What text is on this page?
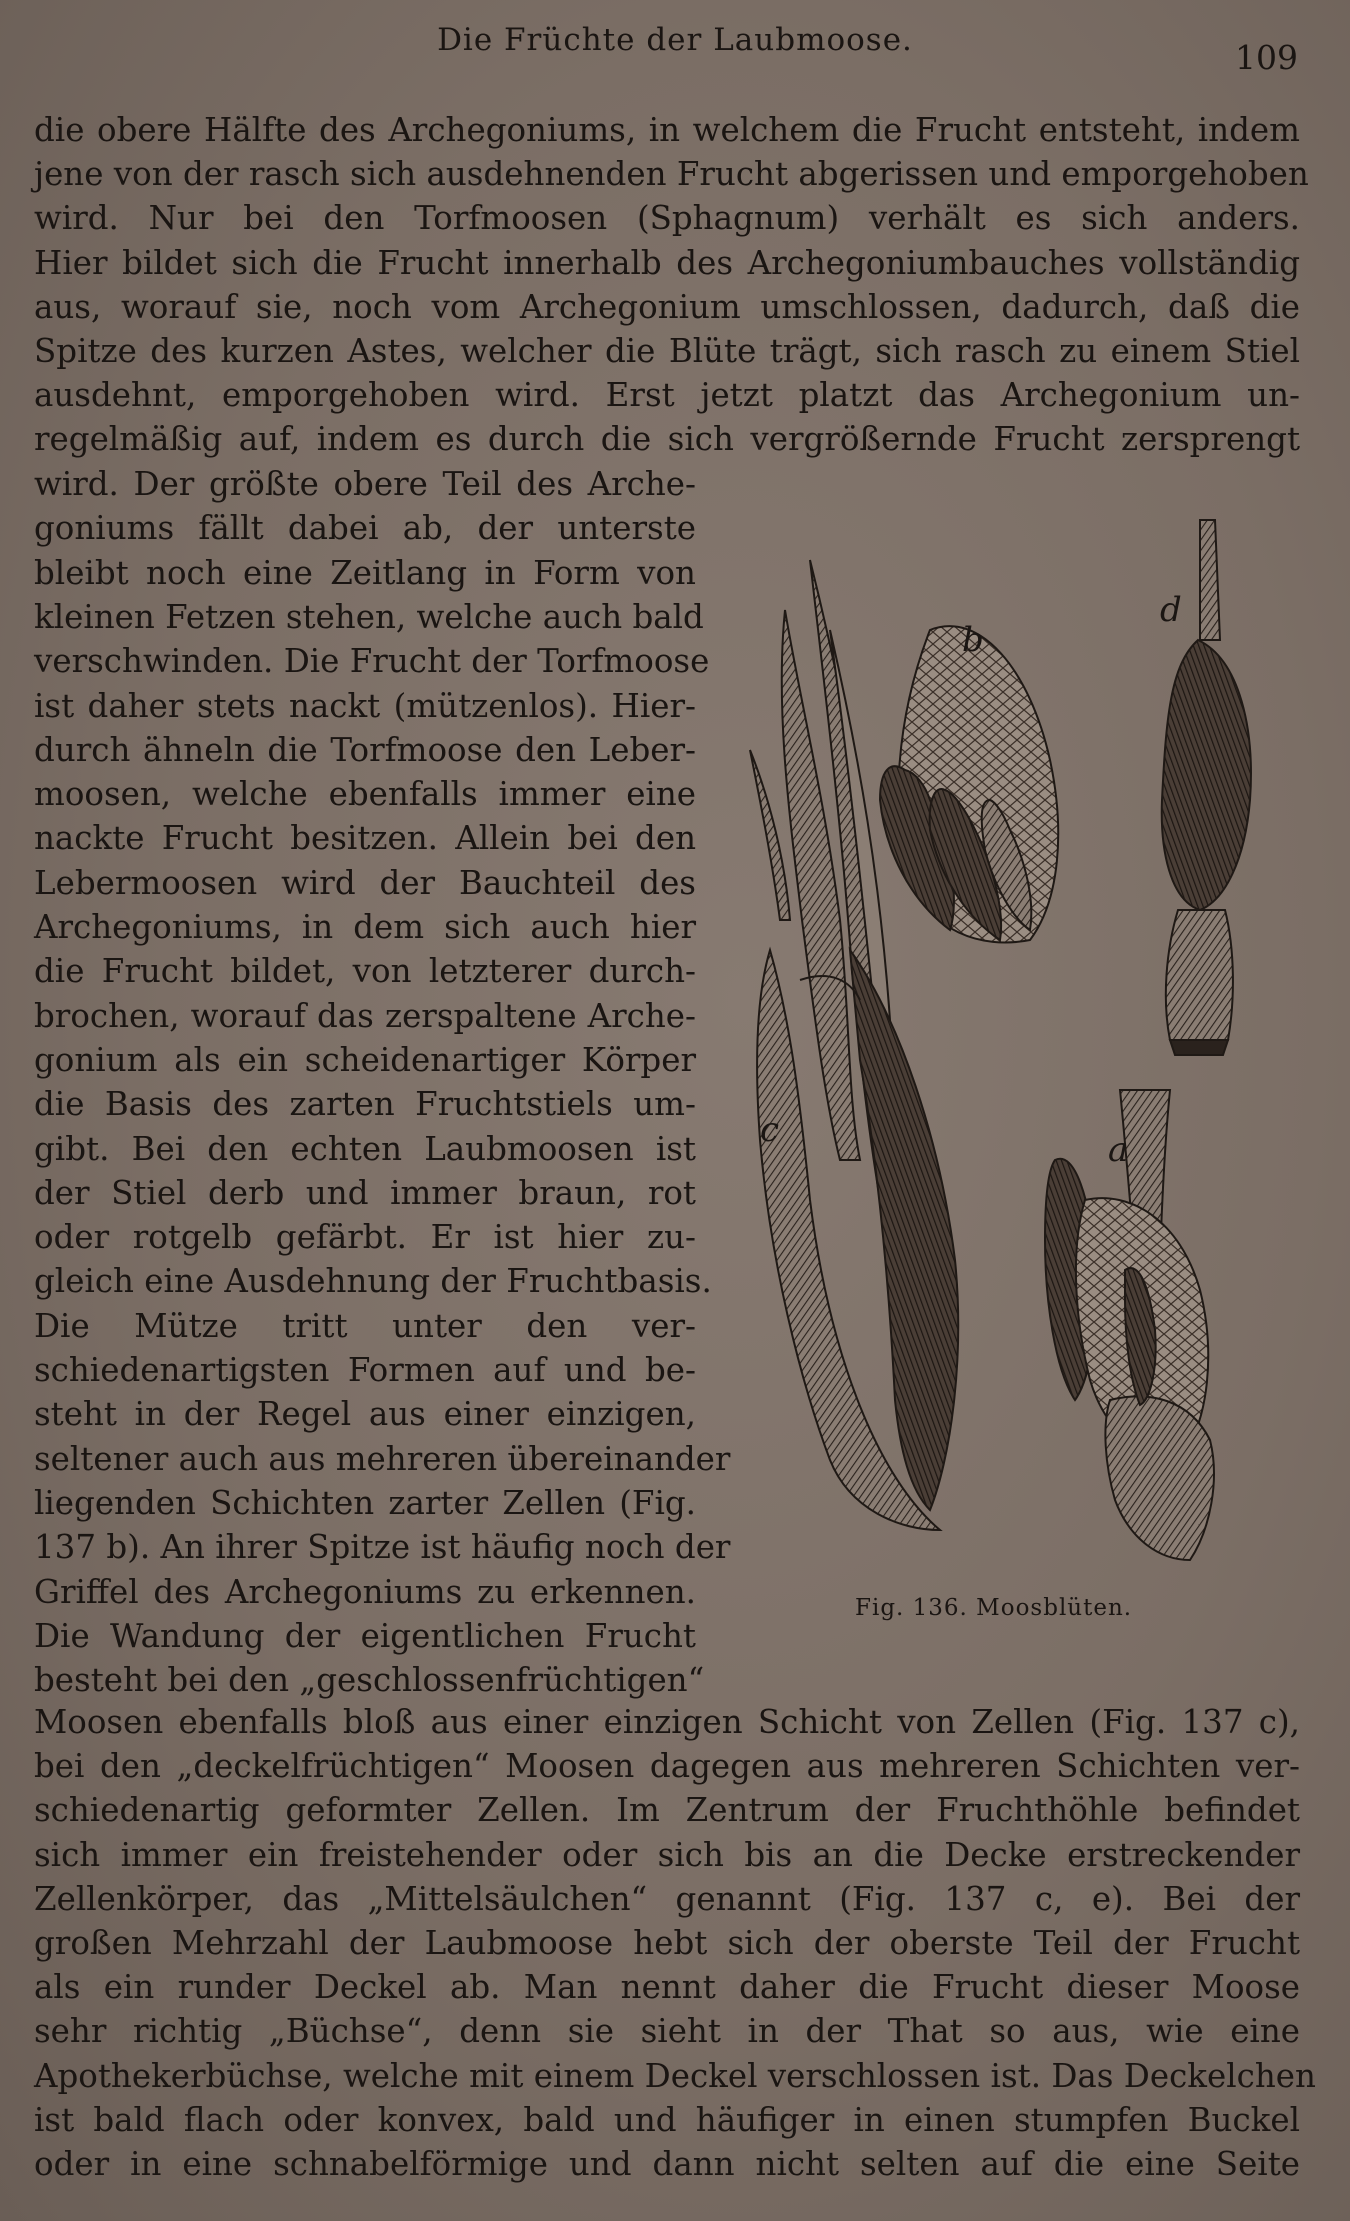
Die Früchte der Laubmoose.	109
die obere Hälfte des Archegoniums, in welchem die Frucht entsteht, indem
jene von der rasch sich ausdehnenden Frucht abgerissen und emporgehoben
wird. Nur bei den Torfmoosen (Sphagnum) verhält es sich anders.
Hier bildet sich die Frucht innerhalb des Archegoniumbauches vollständig
aus, worauf sie, noch vom Archegonium umschlossen, dadurch, daß die
Spitze des kurzen Astes, welcher die Blüte trägt, sich rasch zu einem Stiel
ausdehnt, emporgehoben wird. Erst jetzt platzt das Archegonium un-
regelmäßig auf, indem es durch die sich vergrößernde Frucht zersprengt
wird. Der größte obere Teil des Arche-
goniums fällt dabei ab, der unterste
bleibt noch eine Zeitlang in Form von
kleinen Fetzen stehen, welche auch bald
verschwinden. Die Frucht der Torfmoose
ist daher stets nackt (mützenlos). Hier-
durch ähneln die Torfmoose den Leber-
moosen, welche ebenfalls immer eine
nackte Frucht besitzen. Allein bei den
Lebermoosen wird der Bauchteil des
Archegoniums, in dem sich auch hier
die Frucht bildet, von letzterer durch-
brochen, worauf das zerspaltene Arche-
gonium als ein scheidenartiger Körper
die Basis des zarten Fruchtstiels um-
gibt. Bei den echten Laubmoosen ist
der Stiel derb und immer braun, rot
oder rotgelb gefärbt. Er ist hier zu-
gleich eine Ausdehnung der Fruchtbasis.
Die Mütze tritt unter den ver-
schiedenartigsten Formen auf und be-
steht in der Regel aus einer einzigen,
seltener auch aus mehreren übereinander
liegenden Schichten zarter Zellen (Fig.
137 b). An ihrer Spitze ist häufig noch der
Griffel des Archegoniums zu erkennen.
Die Wandung der eigentlichen Frucht
besteht bei den „geschlossenfrüchtigen“
Moosen ebenfalls bloß aus einer einzigen Schicht von Zellen (Fig. 137 c),
bei den „deckelfrüchtigen“ Moosen dagegen aus mehreren Schichten ver-
schiedenartig geformter Zellen. Im Zentrum der Fruchthöhle befindet
sich immer ein freistehender oder sich bis an die Decke erstreckender
Zellenkörper, das „Mittelsäulchen“ genannt (Fig. 137 c, e). Bei der
großen Mehrzahl der Laubmoose hebt sich der oberste Teil der Frucht
als ein runder Deckel ab. Man nennt daher die Frucht dieser Moose
sehr richtig „Büchse“, denn sie sieht in der That so aus, wie eine
Apothekerbüchse, welche mit einem Deckel verschlossen ist. Das Deckelchen
ist bald flach oder konvex, bald und häufiger in einen stumpfen Buckel
oder in eine schnabelförmige und dann nicht selten auf die eine Seite
b
d
c	a
Fig. 136. Moosblüten.
